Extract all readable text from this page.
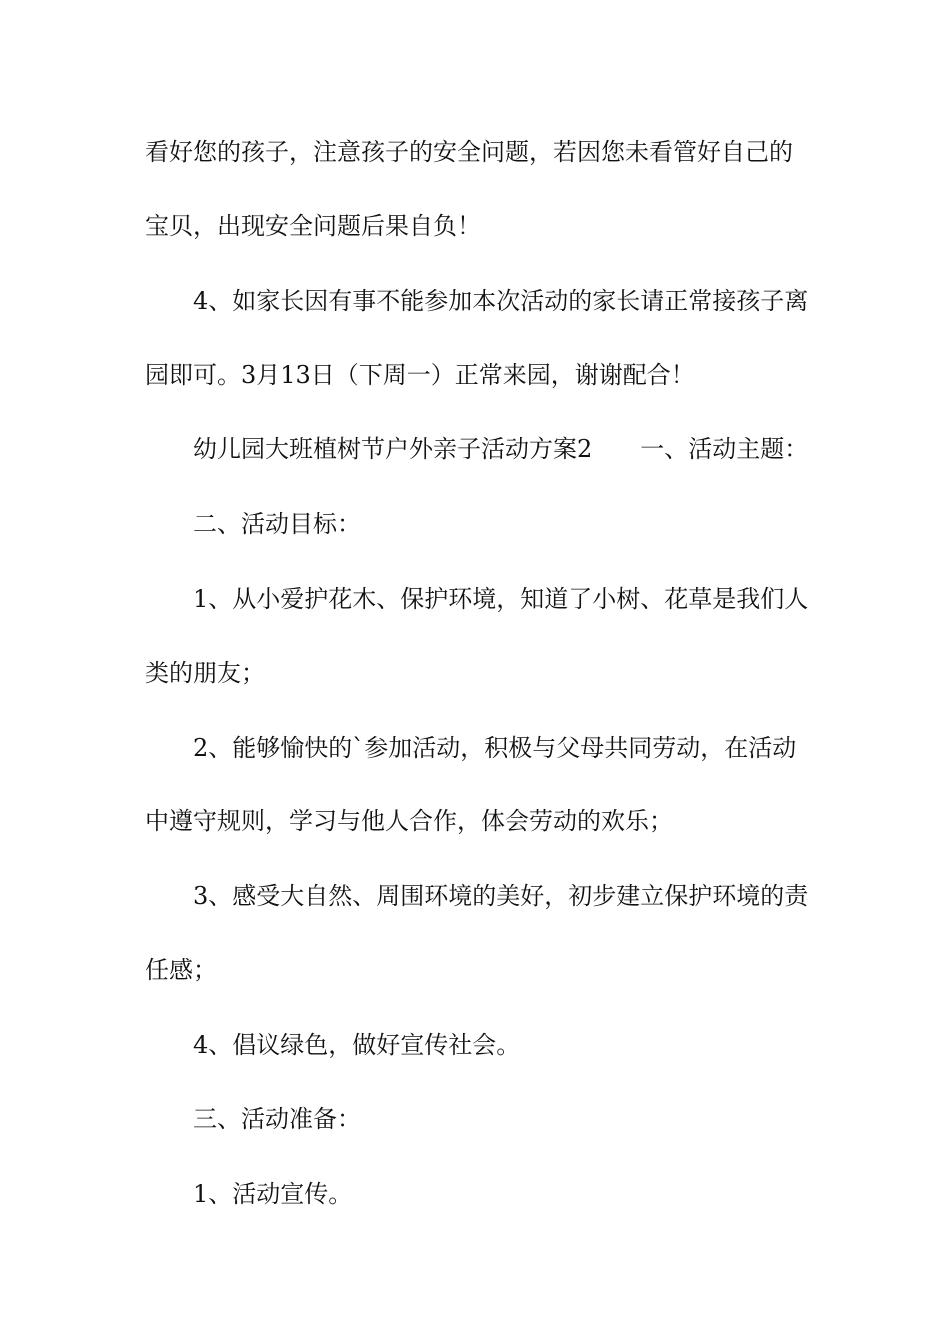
看好您的孩子，注意孩子的安全问题，若因您未看管好自己的
宝贝，出现安全问题后果自负！
4、如家长因有事不能参加本次活动的家长请正常接孩子离
园即可。3月13日（下周一）正常来园，谢谢配合！
幼儿园大班植树节户外亲子活动方案2 一、活动主题：
二、活动目标：
1、从小爱护花木、保护环境，知道了小树、花草是我们人
类的朋友；
2、能够愉快的`参加活动，积极与父母共同劳动，在活动
中遵守规则，学习与他人合作，体会劳动的欢乐；
3、感受大自然、周围环境的美好，初步建立保护环境的责
任感；
4、倡议绿色，做好宣传社会。
三、活动准备：
1、活动宣传。
